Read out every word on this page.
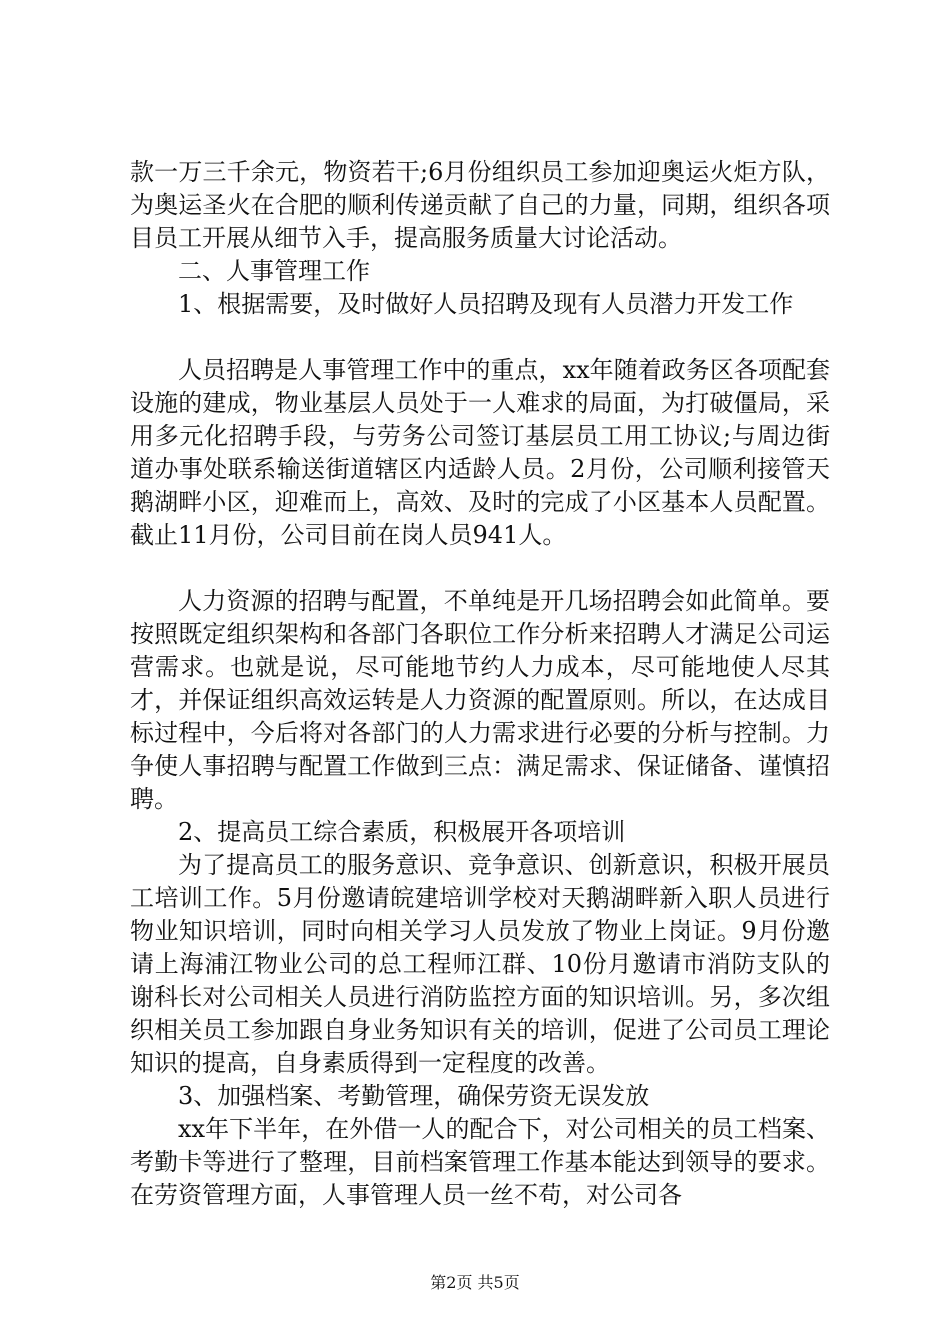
款一万三千余元，物资若干;6月份组织员工参加迎奥运火炬方队，为奥运圣火在合肥的顺利传递贡献了自己的力量，同期，组织各项目员工开展从细节入手，提高服务质量大讨论活动。

二、人事管理工作

1、根据需要，及时做好人员招聘及现有人员潜力开发工作

人员招聘是人事管理工作中的重点，xx年随着政务区各项配套设施的建成，物业基层人员处于一人难求的局面，为打破僵局，采用多元化招聘手段，与劳务公司签订基层员工用工协议;与周边街道办事处联系输送街道辖区内适龄人员。2月份，公司顺利接管天鹅湖畔小区，迎难而上，高效、及时的完成了小区基本人员配置。截止11月份，公司目前在岗人员941人。

人力资源的招聘与配置，不单纯是开几场招聘会如此简单。要按照既定组织架构和各部门各职位工作分析来招聘人才满足公司运营需求。也就是说，尽可能地节约人力成本，尽可能地使人尽其才，并保证组织高效运转是人力资源的配置原则。所以，在达成目标过程中，今后将对各部门的人力需求进行必要的分析与控制。力争使人事招聘与配置工作做到三点：满足需求、保证储备、谨慎招聘。

2、提高员工综合素质，积极展开各项培训

为了提高员工的服务意识、竞争意识、创新意识，积极开展员工培训工作。5月份邀请皖建培训学校对天鹅湖畔新入职人员进行物业知识培训，同时向相关学习人员发放了物业上岗证。9月份邀请上海浦江物业公司的总工程师江群、10份月邀请市消防支队的谢科长对公司相关人员进行消防监控方面的知识培训。另，多次组织相关员工参加跟自身业务知识有关的培训，促进了公司员工理论知识的提高，自身素质得到一定程度的改善。

3、加强档案、考勤管理，确保劳资无误发放

xx年下半年，在外借一人的配合下，对公司相关的员工档案、考勤卡等进行了整理，目前档案管理工作基本能达到领导的要求。在劳资管理方面，人事管理人员一丝不苟，对公司各

第2页 共5页
